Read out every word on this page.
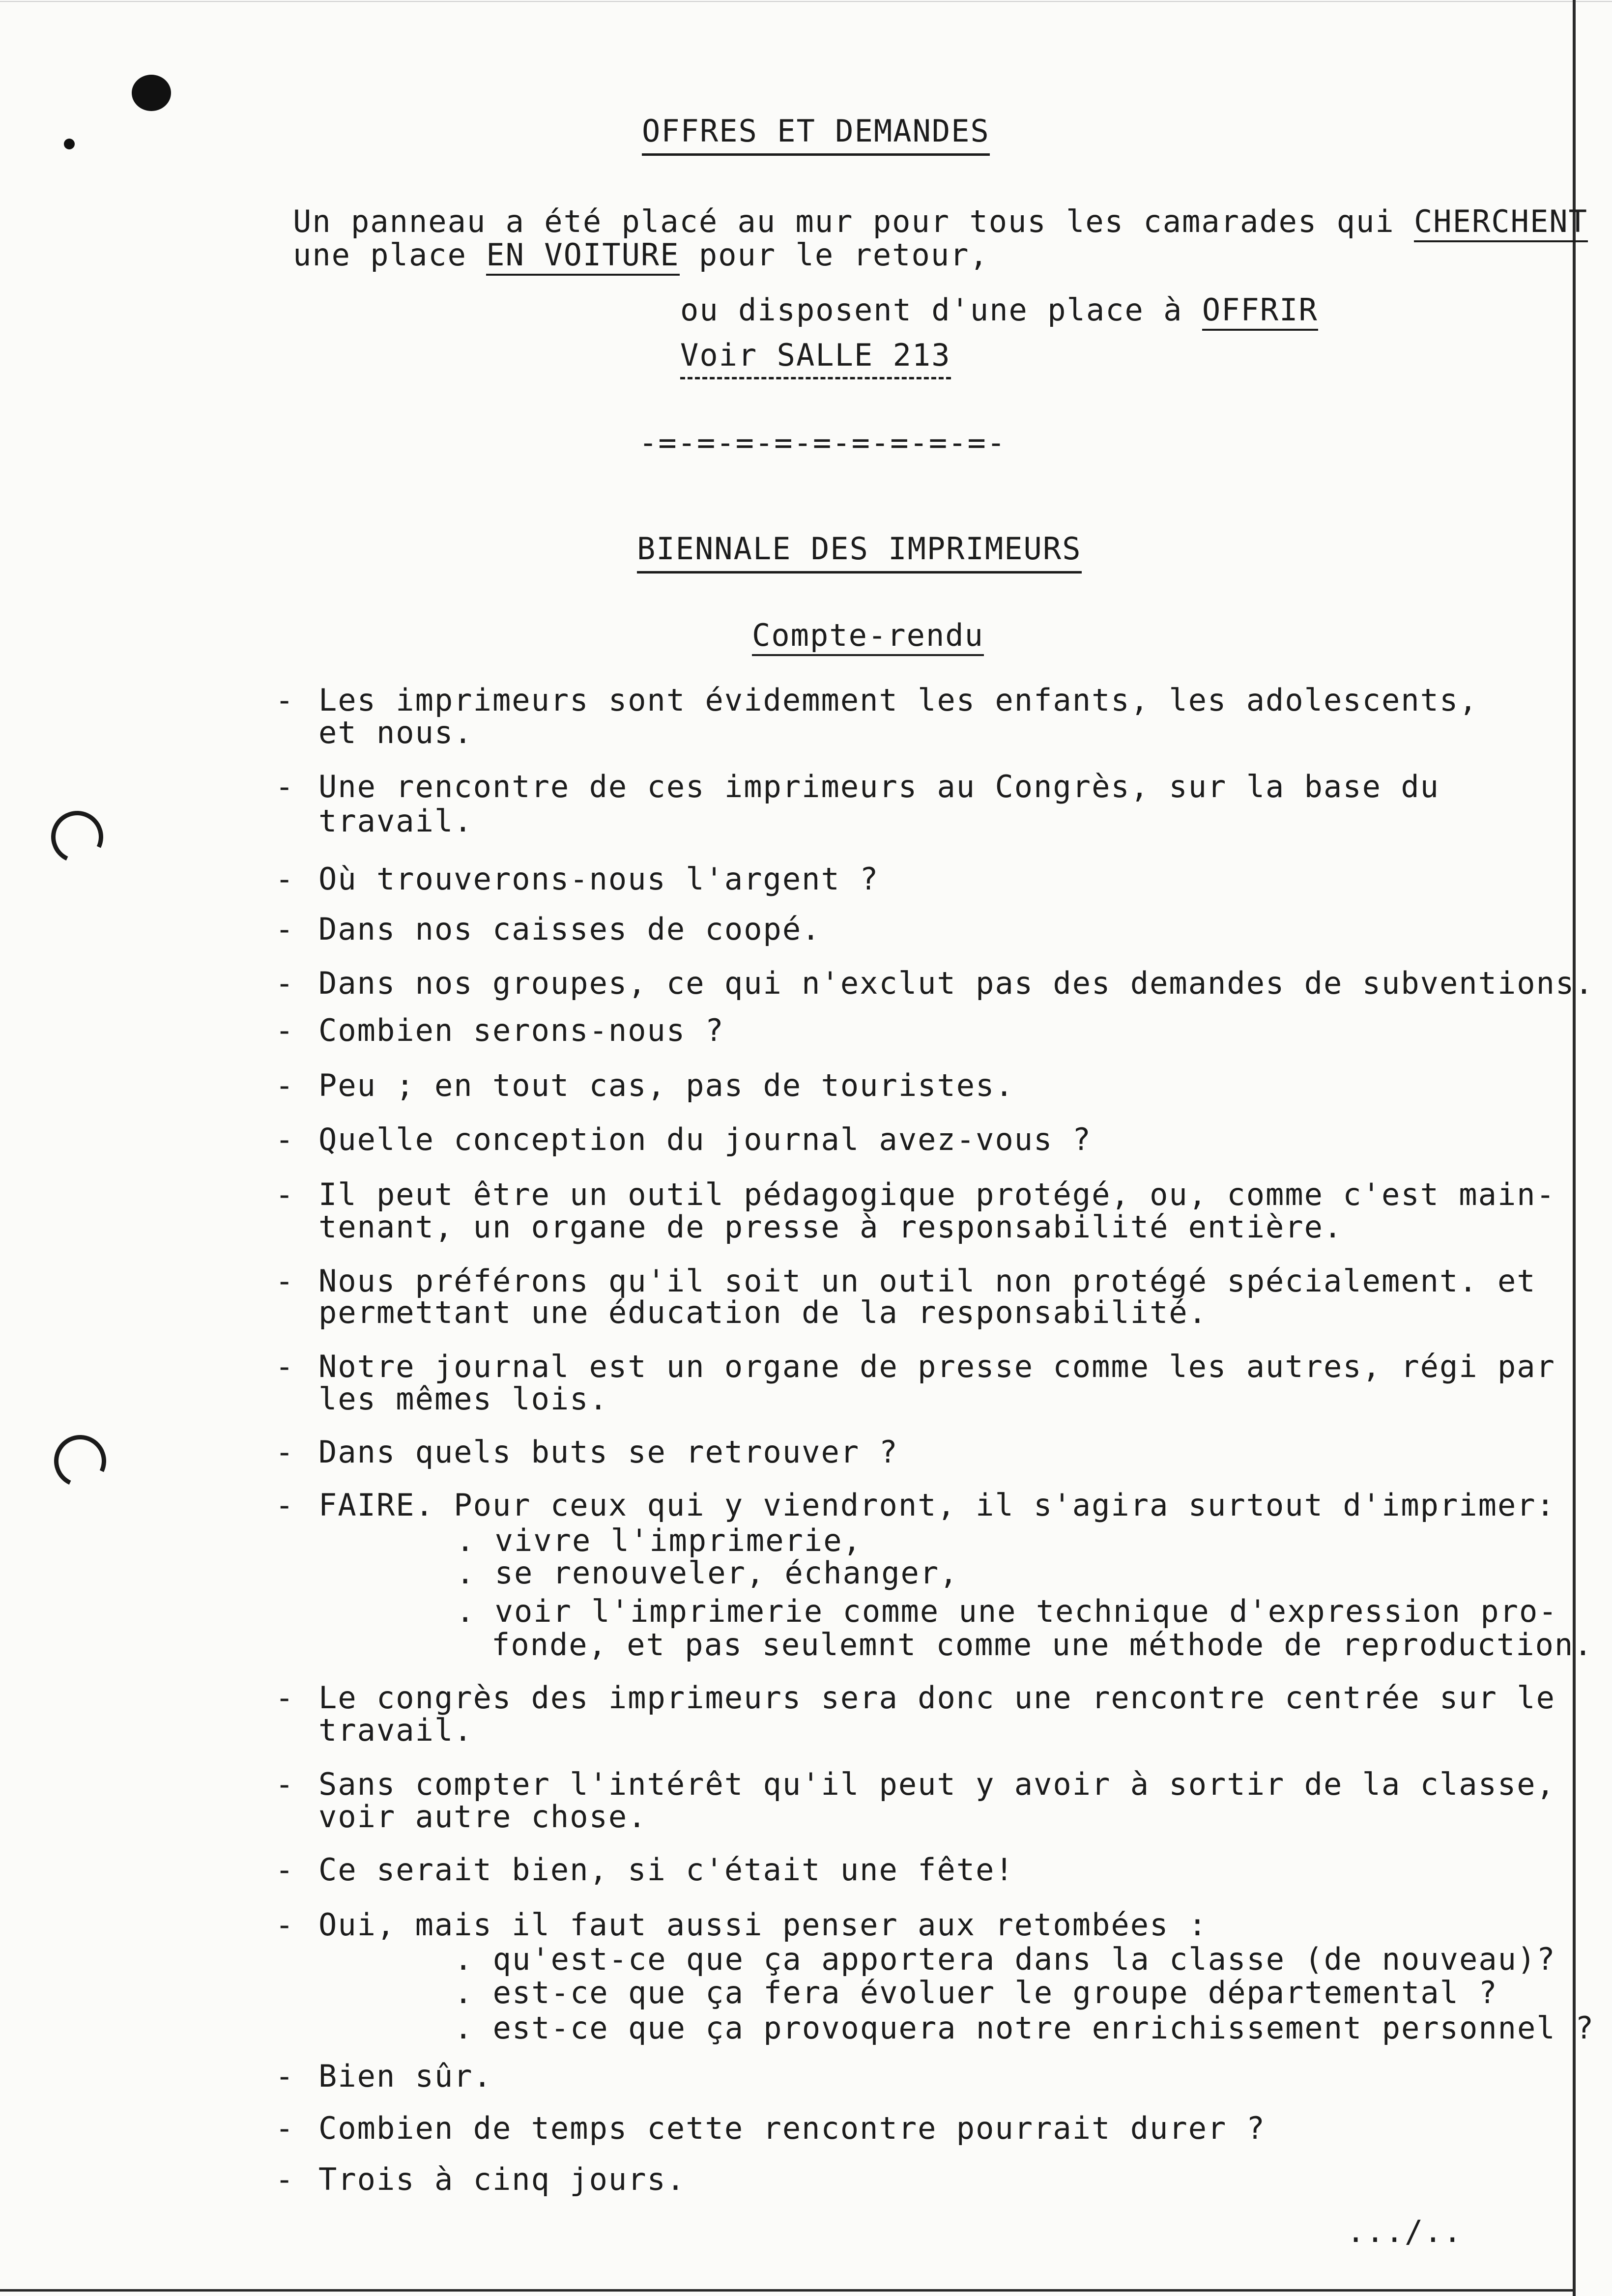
OFFRES ET DEMANDES
Un panneau a été placé au mur pour tous les camarades qui CHERCHENT
une place EN VOITURE pour le retour,
ou disposent d'une place à OFFRIR
Voir SALLE 213
-=-=-=-=-=-=-=-=-=-
BIENNALE DES IMPRIMEURS
Compte-rendu
- Les imprimeurs sont évidemment les enfants, les adolescents,
et nous.
- Une rencontre de ces imprimeurs au Congrès, sur la base du
travail.
- Où trouverons-nous l'argent ?
- Dans nos caisses de coopé.
- Dans nos groupes, ce qui n'exclut pas des demandes de subventions.
- Combien serons-nous ?
- Peu ; en tout cas, pas de touristes.
- Quelle conception du journal avez-vous ?
- Il peut être un outil pédagogique protégé, ou, comme c'est main-
tenant, un organe de presse à responsabilité entière.
- Nous préférons qu'il soit un outil non protégé spécialement. et
permettant une éducation de la responsabilité.
- Notre journal est un organe de presse comme les autres, régi par
les mêmes lois.
- Dans quels buts se retrouver ?
- FAIRE. Pour ceux qui y viendront, il s'agira surtout d'imprimer:
. vivre l'imprimerie,
. se renouveler, échanger,
. voir l'imprimerie comme une technique d'expression pro-
fonde, et pas seulemnt comme une méthode de reproduction.
- Le congrès des imprimeurs sera donc une rencontre centrée sur le
travail.
- Sans compter l'intérêt qu'il peut y avoir à sortir de la classe,
voir autre chose.
- Ce serait bien, si c'était une fête!
- Oui, mais il faut aussi penser aux retombées :
. qu'est-ce que ça apportera dans la classe (de nouveau)?
. est-ce que ça fera évoluer le groupe départemental ?
. est-ce que ça provoquera notre enrichissement personnel ?
- Bien sûr.
- Combien de temps cette rencontre pourrait durer ?
- Trois à cinq jours.
.../..
